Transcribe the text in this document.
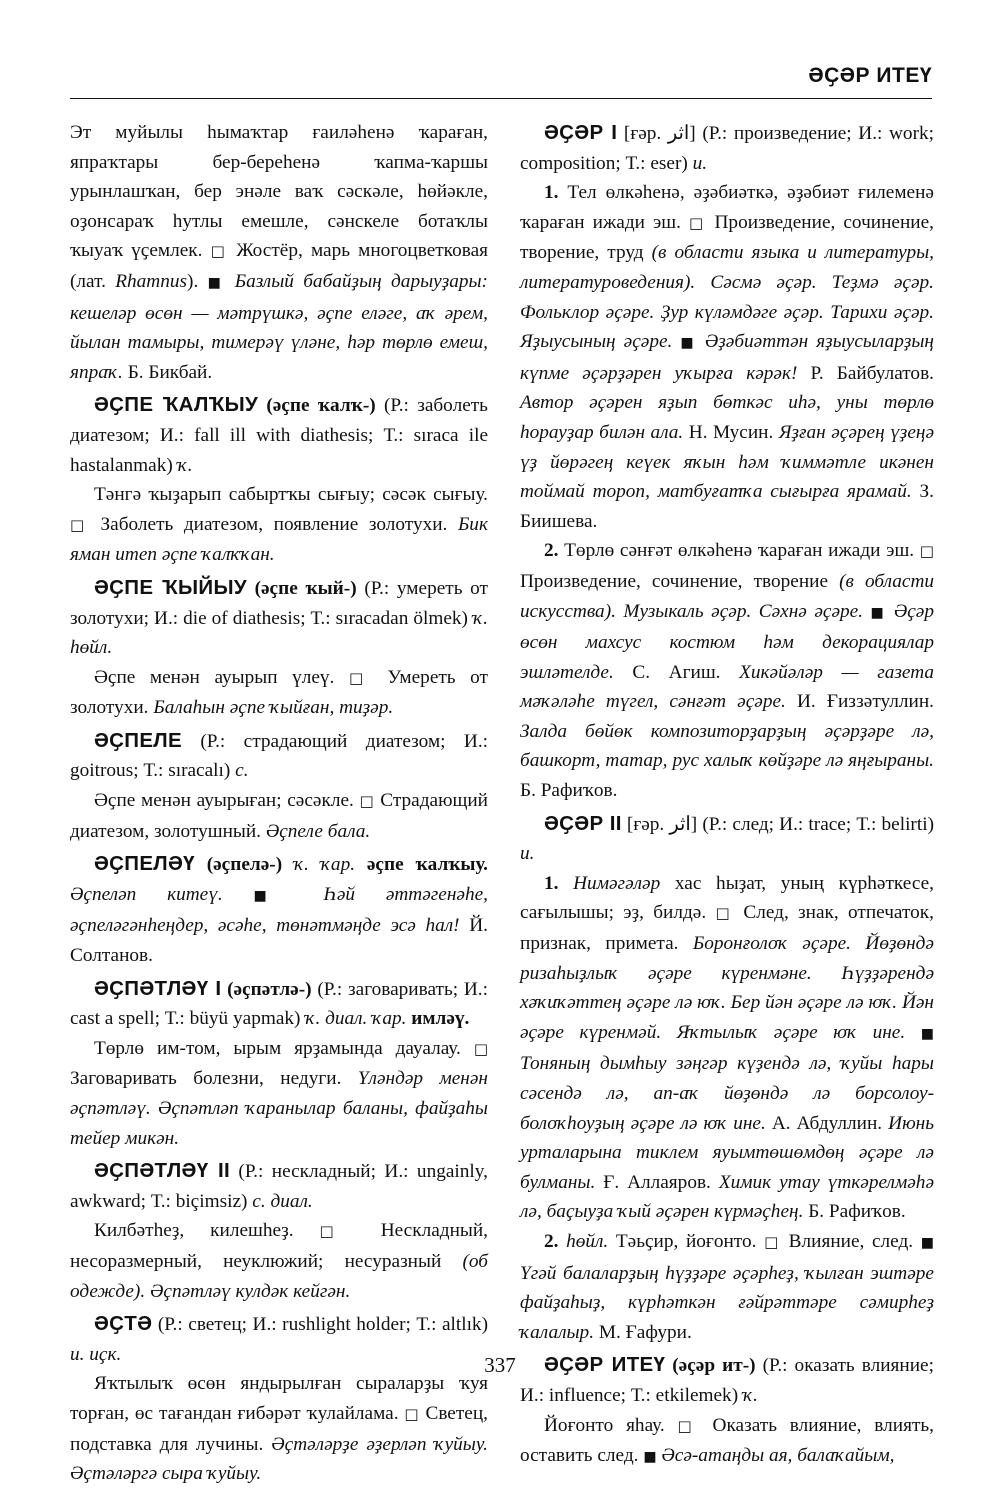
ӘҪӘР ИТЕҮ

Эт муйылы һымаҡтар ғаиләһенә ҡараған, япраҡтары бер-береһенә ҡапма-ҡаршы урынлашҡан, бер энәле ваҡ сәскәле, һөйәкле, оҙонсараҡ һутлы емешле, сәнскеле ботаҡлы ҡыуаҡ үҫемлек. □ Жостёр, марь многоцветковая (лат. Rhamnus). ■ Базлый бабайҙың дарыуҙары: кешеләр өсөн — мәтрүшкә, әҫпе еләге, аҡ әрем, йылан тамыры, тимерәү үләне, һәр төрлө емеш, япраҡ. Б. Бикбай.

ӘҪПЕ ҠАЛҠЫУ (әҫпе ҡалҡ-) (Р.: заболеть диатезом; И.: fall ill with diathesis; Т.: sıraca ile hastalanmak) ҡ.

Тәнгә ҡыҙарып сабыртҡы сығыу; сәсәк сығыу. □ Заболеть диатезом, появление золотухи. Бик яман итеп әҫпе ҡалҡҡан.

ӘҪПЕ ҠЫЙЫУ (әҫпе ҡый-) (Р.: умереть от золотухи; И.: die of diathesis; Т.: sıracadan ölmek) ҡ. һөйл.

Әҫпе менән ауырып үлеү. □ Умереть от золотухи. Балаһын әҫпе ҡыйған, тиҙәр.

ӘҪПЕЛЕ (Р.: страдающий диатезом; И.: goitrous; Т.: sıracalı) с.

Әҫпе менән ауырыған; сәсәкле. □ Страдающий диатезом, золотушный. Әҫпеле бала.

ӘҪПЕЛӘҮ (әҫпелә-) ҡ. ҡар. әҫпе ҡалҡыу. Әҫпеләп китеү. ■ Һәй әттәгенәһе, әҫпеләгәнһеңдер, әсәһе, төнәтмәңде эсә һал! Й. Солтанов.

ӘҪПӘТЛӘҮ I (әҫпәтлә-) (Р.: заговаривать; И.: cast a spell; Т.: büyü yapmak) ҡ. диал. ҡар. имләү.

Төрлө им-том, ырым ярҙамында дауалау. □ Заговаривать болезни, недуги. Үләндәр менән әҫпәтләү. Әҫпәтләп ҡаранылар баланы, файҙаһы тейер микән.

ӘҪПӘТЛӘҮ II (Р.: нескладный; И.: ungainly, awkward; Т.: biçimsiz) с. диал.

Килбәтһеҙ, килешһеҙ. □ Нескладный, несоразмерный, неуклюжий; несуразный (об одежде). Әҫпәтләү кулдәк кейгән.

ӘҪТӘ (Р.: светец; И.: rushlight holder; Т.: altlık) и. иҫк.

Яҡтылыҡ өсөн яндырылған сыраларҙы ҡуя торған, өс тағандан ғибәрәт ҡулайлама. □ Светец, подставка для лучины. Әҫтәләрҙе әҙерләп ҡуйыу. Әҫтәләргә сыра ҡуйыу.

ӘҪӘР I [ғәр. اثر] (Р.: произведение; И.: work; composition; Т.: eser) и.

1. Тел өлкәһенә, әҙәбиәткә, әҙәбиәт ғилеменә ҡараған ижади эш. □ Произведение, сочинение, творение, труд (в области языка и литературы, литературоведения). Сәсмә әҫәр. Теҙмә әҫәр. Фольклор әҫәре. Ҙур күләмдәге әҫәр. Тарихи әҫәр. Яҙыусының әҫәре. ■ Әҙәбиәттән яҙыусыларҙың күпме әҫәрҙәрен уҡырға кәрәк! Р. Байбулатов. Автор әҫәрен яҙып бөткәс иһә, уны төрлө һорауҙар билән ала. Н. Мусин. Яҙған әҫәрең үҙеңә үҙ йөрәгең кеүек яҡын һәм ҡиммәтле икәнен тоймай тороп, матбуғатҡа сығырға ярамай. З. Биишева.

2. Төрлө сәнғәт өлкәһенә ҡараған ижади эш. □ Произведение, сочинение, творение (в области искусства). Музыкаль әҫәр. Сәхнә әҫәре. ■ Әҫәр өсөн махсус костюм һәм декорациялар эшләтелде. С. Агиш. Хикәйәләр — газета мәҡәләһе түгел, сәнғәт әҫәре. И. Ғиззәтуллин. Залда бөйөк композиторҙарҙың әҫәрҙәре лә, башкорт, татар, рус халыҡ көйҙәре лә яңғыраны. Б. Рафиҡов.

ӘҪӘР II [ғәр. اثر] (Р.: след; И.: trace; Т.: belirti) и.

1. Нимәгәләр хас һыҙат, уның күрһәткесе, сағылышы; эҙ, билдә. □ След, знак, отпечаток, признак, примета. Боронғолоҡ әҫәре. Йөҙөндә ризаһыҙлыҡ әҫәре күренмәне. Һүҙҙәрендә хәҡиҡәттең әҫәре лә юҡ. Бер йән әҫәре лә юҡ. Йән әҫәре күренмәй. Яҡтылыҡ әҫәре юҡ ине. ■ Тоняның дымһыу зәңгәр күҙендә лә, ҡуйы һары сәсендә лә, ап-аҡ йөҙөндә лә борсолоу-болоҡһоуҙың әҫәре лә юҡ ине. А. Абдуллин. Июнь урталарына тиклем яуымтөшөмдөң әҫәре лә булманы. Ғ. Аллаяров. Химик утау үткәрелмәһә лә, баҫыуҙа ҡый әҫәрен күрмәҫһең. Б. Рафиҡов.

2. һөйл. Тәьҫир, йоғонто. □ Влияние, след. ■ Үгәй балаларҙың һүҙҙәре әҫәрһеҙ, ҡылған эштәре файҙаһыҙ, күрһәткән ғәйрәттәре сәмирһеҙ ҡалалыр. М. Ғафури.

ӘҪӘР ИТЕҮ (әҫәр ит-) (Р.: оказать влияние; И.: influence; Т.: etkilemek) ҡ.

Йоғонто яһау. □ Оказать влияние, влиять, оставить след. ■ Әсә-атаңды ая, балаҡайым,

337
